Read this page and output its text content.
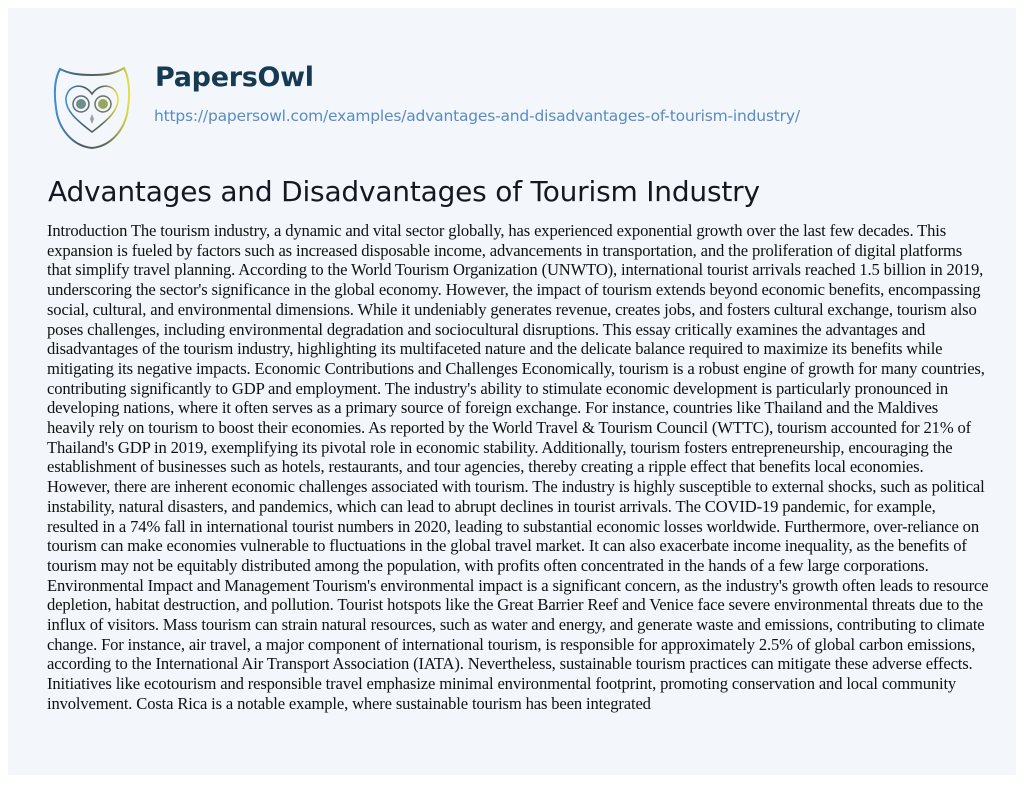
PapersOwl
https://papersowl.com/examples/advantages-and-disadvantages-of-tourism-industry/
Advantages and Disadvantages of Tourism Industry
Introduction The tourism industry, a dynamic and vital sector globally, has experienced exponential growth over the last few decades. This
expansion is fueled by factors such as increased disposable income, advancements in transportation, and the proliferation of digital platforms
that simplify travel planning. According to the World Tourism Organization (UNWTO), international tourist arrivals reached 1.5 billion in 2019,
underscoring the sector's significance in the global economy. However, the impact of tourism extends beyond economic benefits, encompassing
social, cultural, and environmental dimensions. While it undeniably generates revenue, creates jobs, and fosters cultural exchange, tourism also
poses challenges, including environmental degradation and sociocultural disruptions. This essay critically examines the advantages and
disadvantages of the tourism industry, highlighting its multifaceted nature and the delicate balance required to maximize its benefits while
mitigating its negative impacts. Economic Contributions and Challenges Economically, tourism is a robust engine of growth for many countries,
contributing significantly to GDP and employment. The industry's ability to stimulate economic development is particularly pronounced in
developing nations, where it often serves as a primary source of foreign exchange. For instance, countries like Thailand and the Maldives
heavily rely on tourism to boost their economies. As reported by the World Travel & Tourism Council (WTTC), tourism accounted for 21% of
Thailand's GDP in 2019, exemplifying its pivotal role in economic stability. Additionally, tourism fosters entrepreneurship, encouraging the
establishment of businesses such as hotels, restaurants, and tour agencies, thereby creating a ripple effect that benefits local economies.
However, there are inherent economic challenges associated with tourism. The industry is highly susceptible to external shocks, such as political
instability, natural disasters, and pandemics, which can lead to abrupt declines in tourist arrivals. The COVID-19 pandemic, for example,
resulted in a 74% fall in international tourist numbers in 2020, leading to substantial economic losses worldwide. Furthermore, over-reliance on
tourism can make economies vulnerable to fluctuations in the global travel market. It can also exacerbate income inequality, as the benefits of
tourism may not be equitably distributed among the population, with profits often concentrated in the hands of a few large corporations.
Environmental Impact and Management Tourism's environmental impact is a significant concern, as the industry's growth often leads to resource
depletion, habitat destruction, and pollution. Tourist hotspots like the Great Barrier Reef and Venice face severe environmental threats due to the
influx of visitors. Mass tourism can strain natural resources, such as water and energy, and generate waste and emissions, contributing to climate
change. For instance, air travel, a major component of international tourism, is responsible for approximately 2.5% of global carbon emissions,
according to the International Air Transport Association (IATA). Nevertheless, sustainable tourism practices can mitigate these adverse effects.
Initiatives like ecotourism and responsible travel emphasize minimal environmental footprint, promoting conservation and local community
involvement. Costa Rica is a notable example, where sustainable tourism has been integrated
